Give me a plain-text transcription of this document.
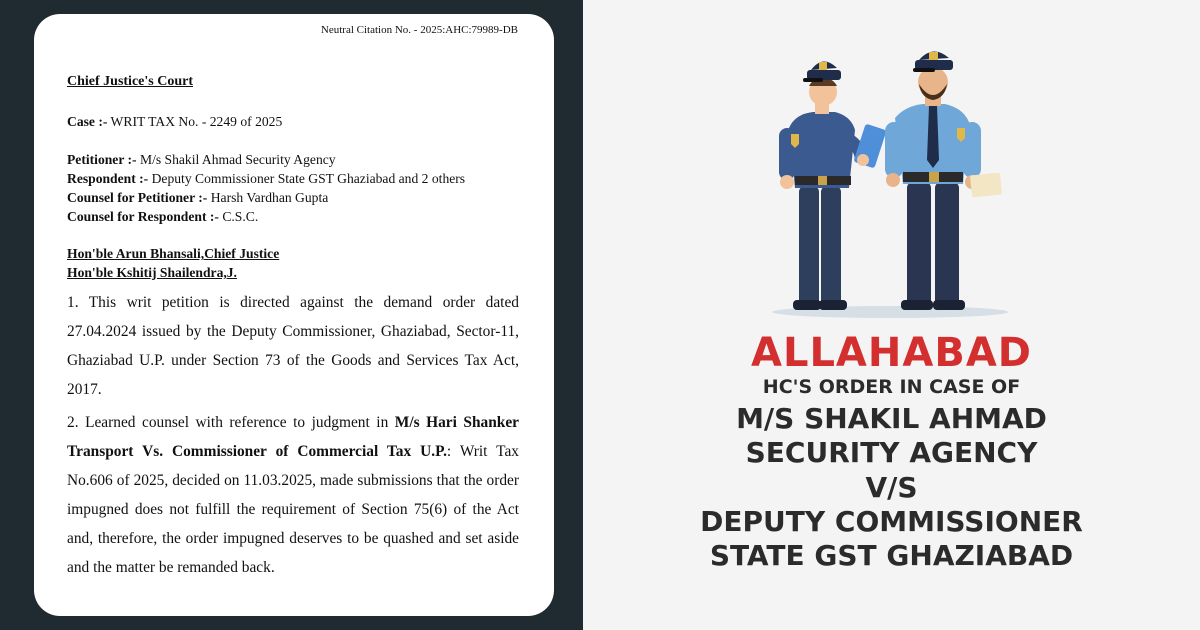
Neutral Citation No. - 2025:AHC:79989-DB

Chief Justice's Court

Case :- WRIT TAX No. - 2249 of 2025

Petitioner :- M/s Shakil Ahmad Security Agency

Respondent :- Deputy Commissioner State GST Ghaziabad and 2 others

Counsel for Petitioner :- Harsh Vardhan Gupta

Counsel for Respondent :- C.S.C.

Hon'ble Arun Bhansali,Chief Justice

Hon'ble Kshitij Shailendra,J.

1. This writ petition is directed against the demand order dated 27.04.2024 issued by the Deputy Commissioner, Ghaziabad, Sector-11, Ghaziabad U.P. under Section 73 of the Goods and Services Tax Act, 2017.

2. Learned counsel with reference to judgment in M/s Hari Shanker Transport Vs. Commissioner of Commercial Tax U.P.: Writ Tax No.606 of 2025, decided on 11.03.2025, made submissions that the order impugned does not fulfill the requirement of Section 75(6) of the Act and, therefore, the order impugned deserves to be quashed and set aside and the matter be remanded back.

ALLAHABAD
HC'S ORDER IN CASE OF
M/S SHAKIL AHMAD
SECURITY AGENCY
V/S
DEPUTY COMMISSIONER
STATE GST GHAZIABAD
